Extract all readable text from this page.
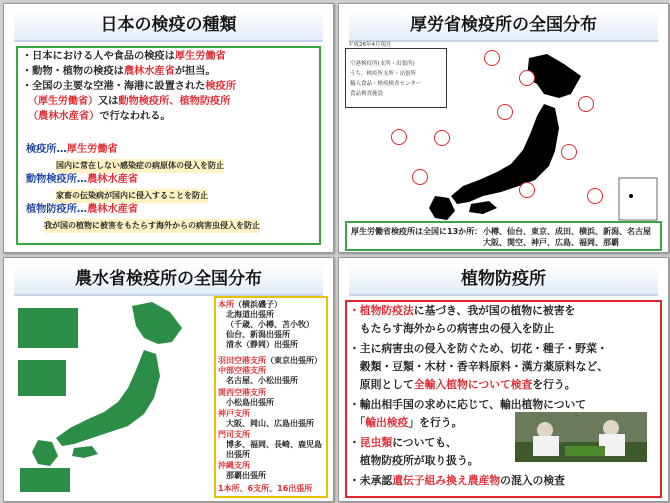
日本の検疫の種類
・日本における人や食品の検疫は厚生労働省
・動物・植物の検疫は農林水産省が担当。
・全国の主要な空港・海港に設置された検疫所
（厚生労働省）又は動物検疫所、植物防疫所
（農林水産省）で行なわれる。
検疫所…厚生労働省
国内に常在しない感染症の病原体の侵入を防止
動物検疫所…農林水産省
家畜の伝染病が国内に侵入することを防止
植物防疫所…農林水産省
我が国の植物に被害をもたらす海外からの病害虫侵入を防止
厚労省検疫所の全国分布
平成26年4月現在
空港検疫所(支所・出張所)
うち、検疫所支所・出張所
輸入食品・検疫検査センター
食品検査施設
厚生労働省検疫所は全国に13か所： 小樽、仙台、東京、成田、横浜、新潟、名古屋
大阪、関空、神戸、広島、福岡、那覇
農水省検疫所の全国分布
本所（横浜磯子）
北海道出張所
（千歳、小樽、苫小牧）
仙台、新潟出張所
清水（静岡）出張所
羽田空港支所（東京出張所）
中部空港支所
名古屋、小松出張所
関西空港支所
小松島出張所
神戸支所
大阪、岡山、広島出張所
門司支所
博多、福岡、長崎、鹿児島
出張所
沖縄支所
那覇出張所
1本所、6支所、16出張所
植物防疫所
・植物防疫法に基づき、我が国の植物に被害を
　もたらす海外からの病害虫の侵入を防止
・主に病害虫の侵入を防ぐため、切花・種子・野菜・
　穀類・豆類・木材・香辛料原料・漢方薬原料など、
　原則として全輸入植物について検査を行う。
・輸出相手国の求めに応じて、輸出植物について
　「輸出検疫」を行う。
・昆虫類についても、
　植物防疫所が取り扱う。
・未承認遺伝子組み換え農産物の混入の検査
